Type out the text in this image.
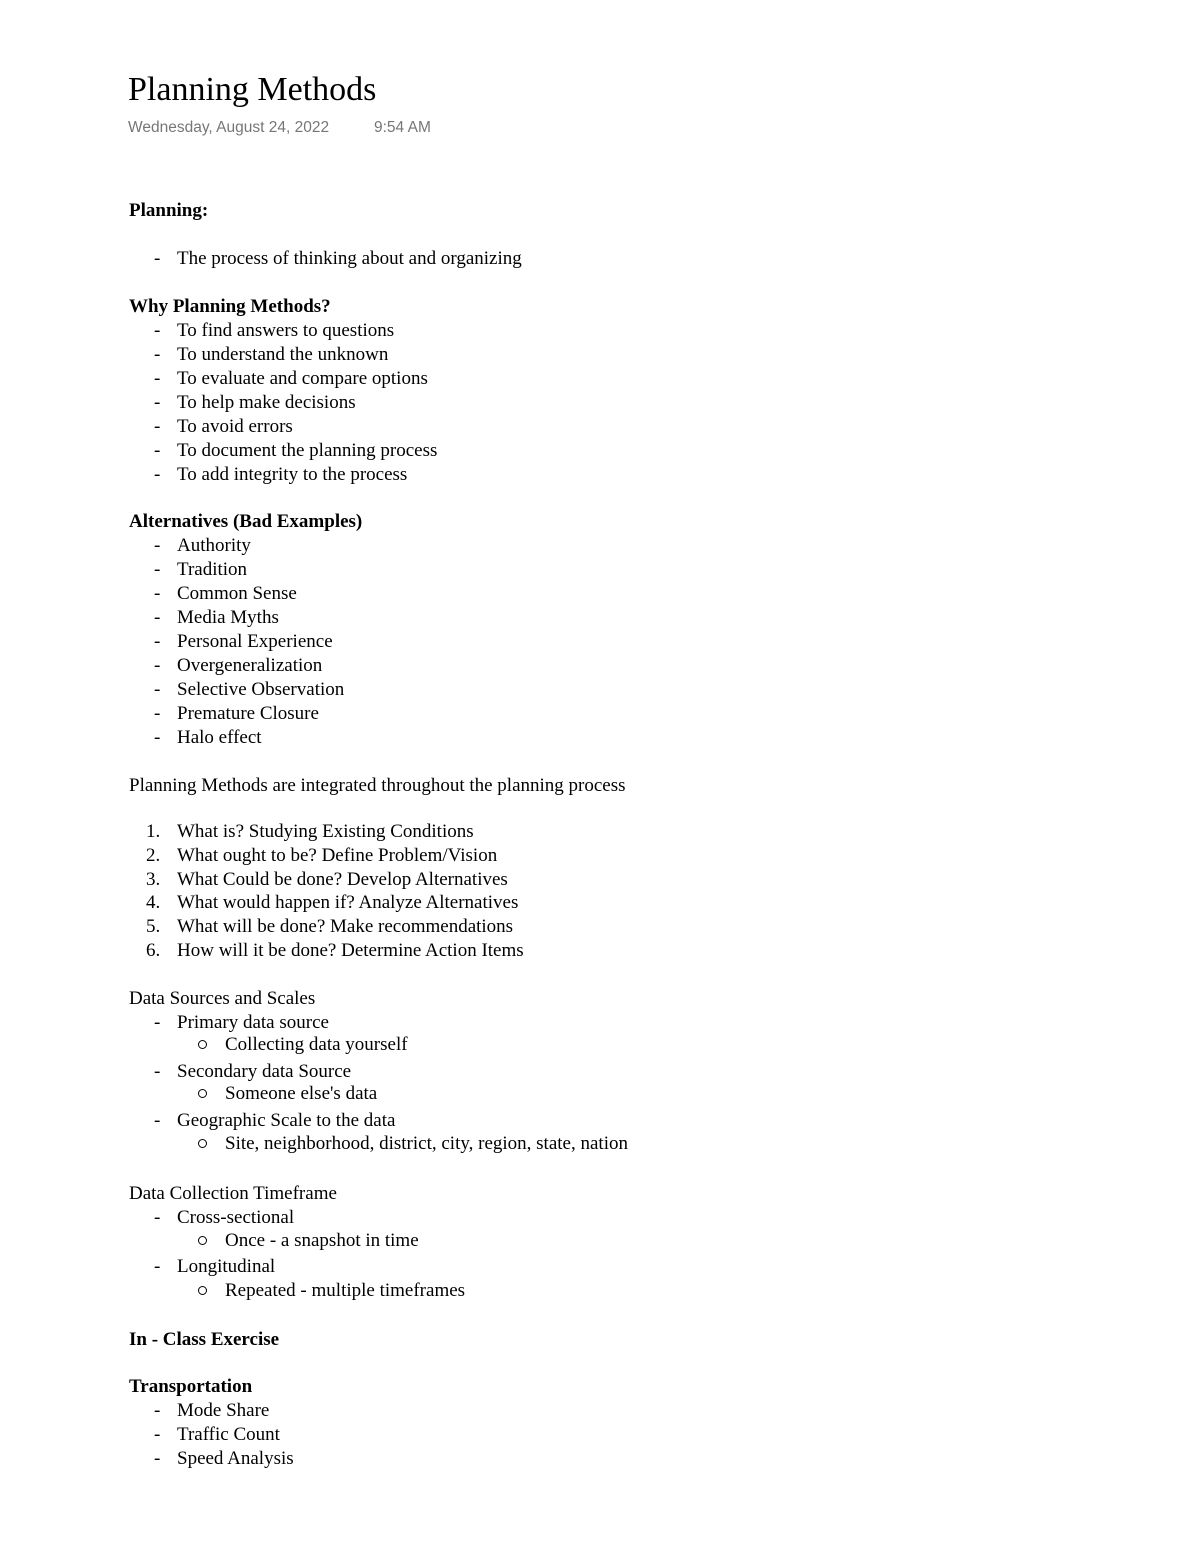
Planning Methods
Wednesday, August 24, 2022	9:54 AM
Planning:
- The process of thinking about and organizing
Why Planning Methods?
- To find answers to questions
- To understand the unknown
- To evaluate and compare options
- To help make decisions
- To avoid errors
- To document the planning process
- To add integrity to the process
Alternatives (Bad Examples)
- Authority
- Tradition
- Common Sense
- Media Myths
- Personal Experience
- Overgeneralization
- Selective Observation
- Premature Closure
- Halo effect
Planning Methods are integrated throughout the planning process
1. What is? Studying Existing Conditions
2. What ought to be? Define Problem/Vision
3. What Could be done? Develop Alternatives
4. What would happen if? Analyze Alternatives
5. What will be done? Make recommendations
6. How will it be done? Determine Action Items
Data Sources and Scales
- Primary data source
Collecting data yourself
- Secondary data Source
Someone else's data
- Geographic Scale to the data
Site, neighborhood, district, city, region, state, nation
Data Collection Timeframe
- Cross-sectional
Once - a snapshot in time
- Longitudinal
Repeated - multiple timeframes
In - Class Exercise
Transportation
- Mode Share
- Traffic Count
- Speed Analysis
